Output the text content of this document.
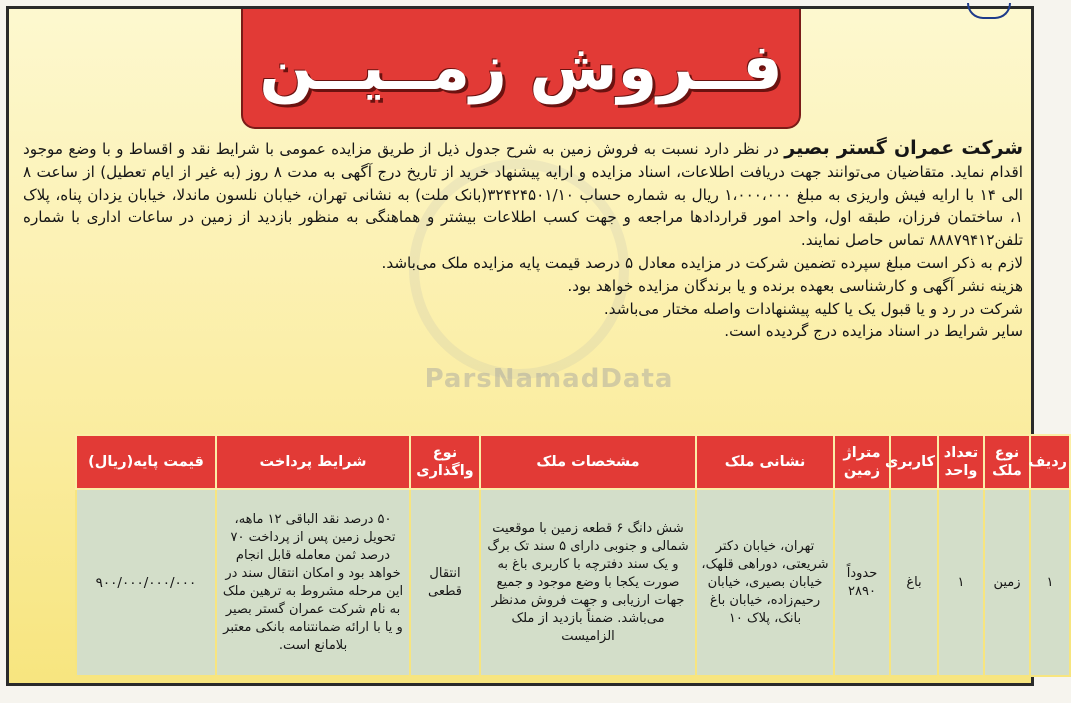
فــروش زمــیــن
ParsNamadData

شرکت عمران گستر بصیر در نظر دارد نسبت به فروش زمین به شرح جدول ذیل از طریق مزایده عمومی با شرایط نقد و اقساط و با وضع موجود اقدام نماید. متقاضیان می‌توانند جهت دریافت اطلاعات، اسناد مزایده و ارایه پیشنهاد خرید از تاریخ درج آگهی به مدت ۸ روز (به غیر از ایام تعطیل) از ساعت ۸ الی ۱۴ با ارایه فیش واریزی به مبلغ ۱،۰۰۰،۰۰۰ ریال به شماره حساب ۳۲۴۲۴۵۰۱/۱۰(بانک ملت) به نشانی تهران، خیابان نلسون ماندلا، خیابان یزدان پناه، پلاک ۱، ساختمان فرزان، طبقه اول، واحد امور قراردادها مراجعه و جهت کسب اطلاعات بیشتر و هماهنگی به منظور بازدید از زمین در ساعات اداری با شماره تلفن۸۸۸۷۹۴۱۲ تماس حاصل نمایند.

لازم به ذکر است مبلغ سپرده تضمین شرکت در مزایده معادل ۵ درصد قیمت پایه مزایده ملک می‌باشد.

هزینه نشر آگهی و کارشناسی بعهده برنده و یا برندگان مزایده خواهد بود.

شرکت در رد و یا قبول یک یا کلیه پیشنهادات واصله مختار می‌باشد.

سایر شرایط در اسناد مزایده درج گردیده است.

ردیف	نوع ملک	تعداد واحد	کاربری	متراژ زمین	نشانی ملک	مشخصات ملک	نوع واگذاری	شرایط پرداخت	قیمت پایه(ریال)
۱	زمین	۱	باغ	حدوداً ۲۸۹۰	تهران، خیابان دکتر شریعتی، دوراهی قلهک، خیابان بصیری، خیابان رحیم‌زاده، خیابان باغ بانک، پلاک ۱۰	شش دانگ ۶ قطعه زمین با موقعیت شمالی و جنوبی دارای ۵ سند تک برگ و یک سند دفترچه با کاربری باغ به صورت یکجا با وضع موجود و جمیع جهات ارزیابی و جهت فروش مدنظر می‌باشد. ضمناً بازدید از ملک الزامیست	انتقال قطعی	۵۰ درصد نقد الباقی ۱۲ ماهه، تحویل زمین پس از پرداخت ۷۰ درصد ثمن معامله قابل انجام خواهد بود و امکان انتقال سند در این مرحله مشروط به ترهین ملک به نام شرکت عمران گستر بصیر و یا با ارائه ضمانتنامه بانکی معتبر بلامانع است.	۹۰۰/۰۰۰/۰۰۰/۰۰۰
